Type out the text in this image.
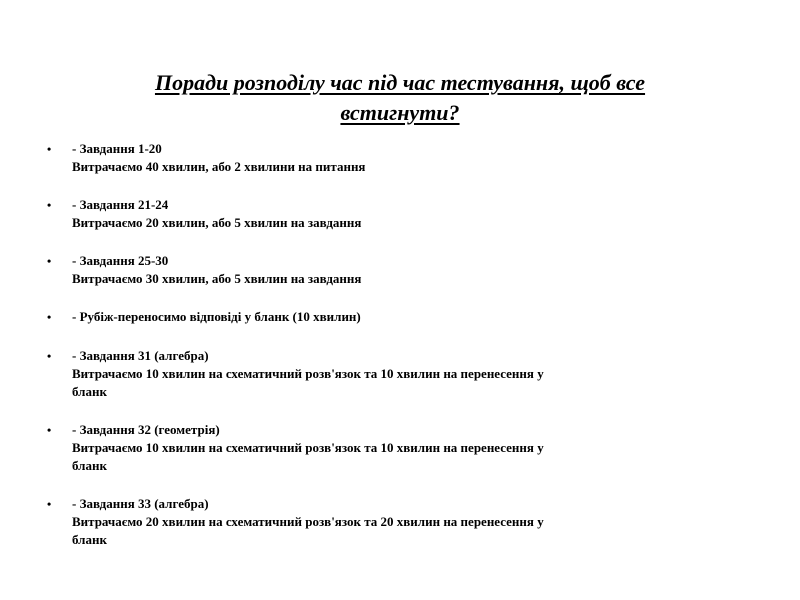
Поради розподілу час під час тестування, щоб все
встигнути?
• - Завдання 1-20
Витрачаємо 40 хвилин, або 2 хвилини на питання
• - Завдання 21-24
Витрачаємо 20 хвилин, або 5 хвилин на завдання
• - Завдання 25-30
Витрачаємо 30 хвилин, або 5 хвилин на завдання
• - Рубіж-переносимо відповіді у бланк (10 хвилин)
• - Завдання 31 (алгебра)
Витрачаємо 10 хвилин на схематичний розв'язок та 10 хвилин на перенесення у
бланк
• - Завдання 32 (геометрія)
Витрачаємо 10 хвилин на схематичний розв'язок та 10 хвилин на перенесення у
бланк
• - Завдання 33 (алгебра)
Витрачаємо 20 хвилин на схематичний розв'язок та 20 хвилин на перенесення у
бланк
